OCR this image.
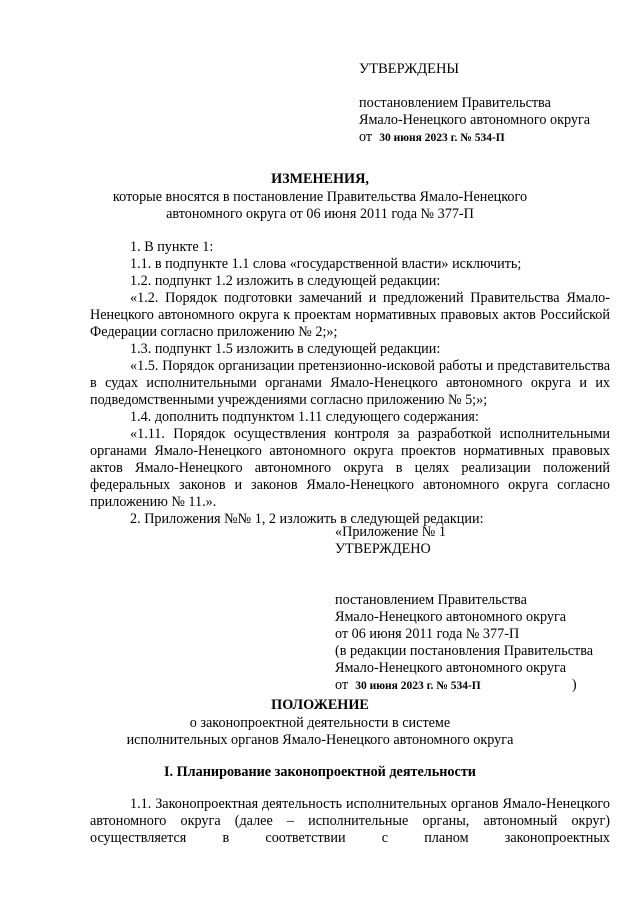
УТВЕРЖДЕНЫ
постановлением Правительства
Ямало-Ненецкого автономного округа
от 30 июня 2023 г. № 534-П
ИЗМЕНЕНИЯ,
которые вносятся в постановление Правительства Ямало-Ненецкого
автономного округа от 06 июня 2011 года № 377-П

1. В пункте 1:

1.1. в подпункте 1.1 слова «государственной власти» исключить;

1.2. подпункт 1.2 изложить в следующей редакции:

«1.2. Порядок подготовки замечаний и предложений Правительства Ямало-Ненецкого автономного округа к проектам нормативных правовых актов Российской Федерации согласно приложению № 2;»;

1.3. подпункт 1.5 изложить в следующей редакции:

«1.5. Порядок организации претензионно-исковой работы и представительства в судах исполнительными органами Ямало-Ненецкого автономного округа и их подведомственными учреждениями согласно приложению № 5;»;

1.4. дополнить подпунктом 1.11 следующего содержания:

«1.11. Порядок осуществления контроля за разработкой исполнительными органами Ямало-Ненецкого автономного округа проектов нормативных правовых актов Ямало-Ненецкого автономного округа в целях реализации положений федеральных законов и законов Ямало-Ненецкого автономного округа согласно приложению № 11.».

2. Приложения №№ 1, 2 изложить в следующей редакции:

«Приложение № 1
УТВЕРЖДЕНО
постановлением Правительства
Ямало-Ненецкого автономного округа
от 06 июня 2011 года № 377-П
(в редакции постановления Правительства
Ямало-Ненецкого автономного округа
от 30 июня 2023 г. № 534-П	)
ПОЛОЖЕНИЕ
о законопроектной деятельности в системе
исполнительных органов Ямало-Ненецкого автономного округа
I. Планирование законопроектной деятельности

1.1. Законопроектная деятельность исполнительных органов Ямало-Ненецкого автономного округа (далее – исполнительные органы, автономный округ) осуществляется в соответствии с планом законопроектных
